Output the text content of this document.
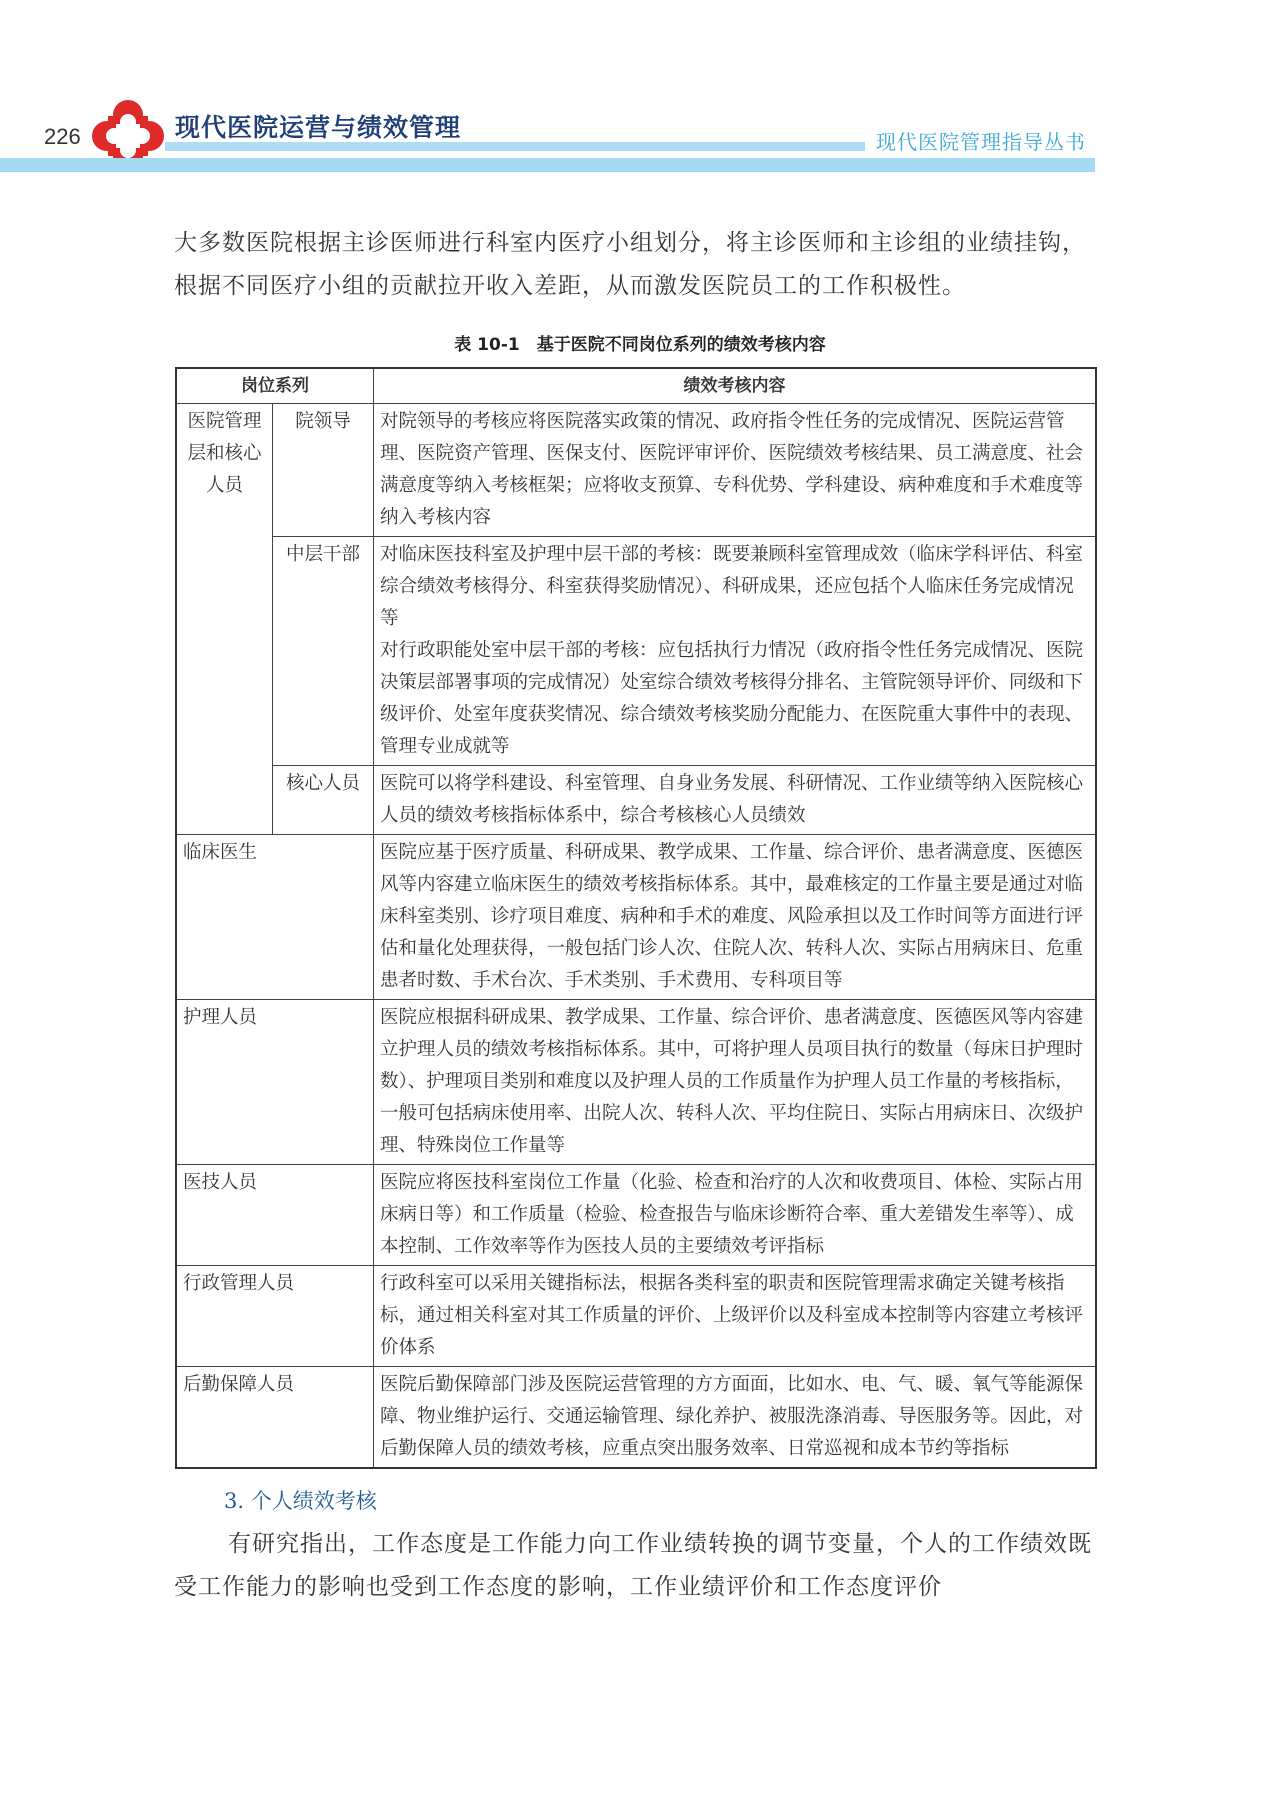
226	现代医院运营与绩效管理	现代医院管理指导丛书
大多数医院根据主诊医师进行科室内医疗小组划分，将主诊医师和主诊组的业绩挂钩，根据不同医疗小组的贡献拉开收入差距，从而激发医院员工的工作积极性。
表 10-1　基于医院不同岗位系列的绩效考核内容
岗位系列		绩效考核内容
医院管理层和核心人员	院领导	对院领导的考核应将医院落实政策的情况、政府指令性任务的完成情况、医院运营管理、医院资产管理、医保支付、医院评审评价、医院绩效考核结果、员工满意度、社会满意度等纳入考核框架；应将收支预算、专科优势、学科建设、病种难度和手术难度等纳入考核内容

	中层干部	对临床医技科室及护理中层干部的考核：既要兼顾科室管理成效（临床学科评估、科室综合绩效考核得分、科室获得奖励情况）、科研成果，还应包括个人临床任务完成情况等

对行政职能处室中层干部的考核：应包括执行力情况（政府指令性任务完成情况、医院决策层部署事项的完成情况）处室综合绩效考核得分排名、主管院领导评价、同级和下级评价、处室年度获奖情况、综合绩效考核奖励分配能力、在医院重大事件中的表现、管理专业成就等

	核心人员	医院可以将学科建设、科室管理、自身业务发展、科研情况、工作业绩等纳入医院核心人员的绩效考核指标体系中，综合考核核心人员绩效

临床医生		医院应基于医疗质量、科研成果、教学成果、工作量、综合评价、患者满意度、医德医风等内容建立临床医生的绩效考核指标体系。其中，最难核定的工作量主要是通过对临床科室类别、诊疗项目难度、病种和手术的难度、风险承担以及工作时间等方面进行评估和量化处理获得，一般包括门诊人次、住院人次、转科人次、实际占用病床日、危重患者时数、手术台次、手术类别、手术费用、专科项目等
护理人员		医院应根据科研成果、教学成果、工作量、综合评价、患者满意度、医德医风等内容建立护理人员的绩效考核指标体系。其中，可将护理人员项目执行的数量（每床日护理时数）、护理项目类别和难度以及护理人员的工作质量作为护理人员工作量的考核指标，一般可包括病床使用率、出院人次、转科人次、平均住院日、实际占用病床日、次级护理、特殊岗位工作量等
医技人员		医院应将医技科室岗位工作量（化验、检查和治疗的人次和收费项目、体检、实际占用床病日等）和工作质量（检验、检查报告与临床诊断符合率、重大差错发生率等）、成本控制、工作效率等作为医技人员的主要绩效考评指标
行政管理人员		行政科室可以采用关键指标法，根据各类科室的职责和医院管理需求确定关键考核指标，通过相关科室对其工作质量的评价、上级评价以及科室成本控制等内容建立考核评价体系
后勤保障人员		医院后勤保障部门涉及医院运营管理的方方面面，比如水、电、气、暖、氧气等能源保障、物业维护运行、交通运输管理、绿化养护、被服洗涤消毒、导医服务等。因此，对后勤保障人员的绩效考核，应重点突出服务效率、日常巡视和成本节约等指标
3. 个人绩效考核
有研究指出，工作态度是工作能力向工作业绩转换的调节变量，个人的工作绩效既受工作能力的影响也受到工作态度的影响，工作业绩评价和工作态度评价
